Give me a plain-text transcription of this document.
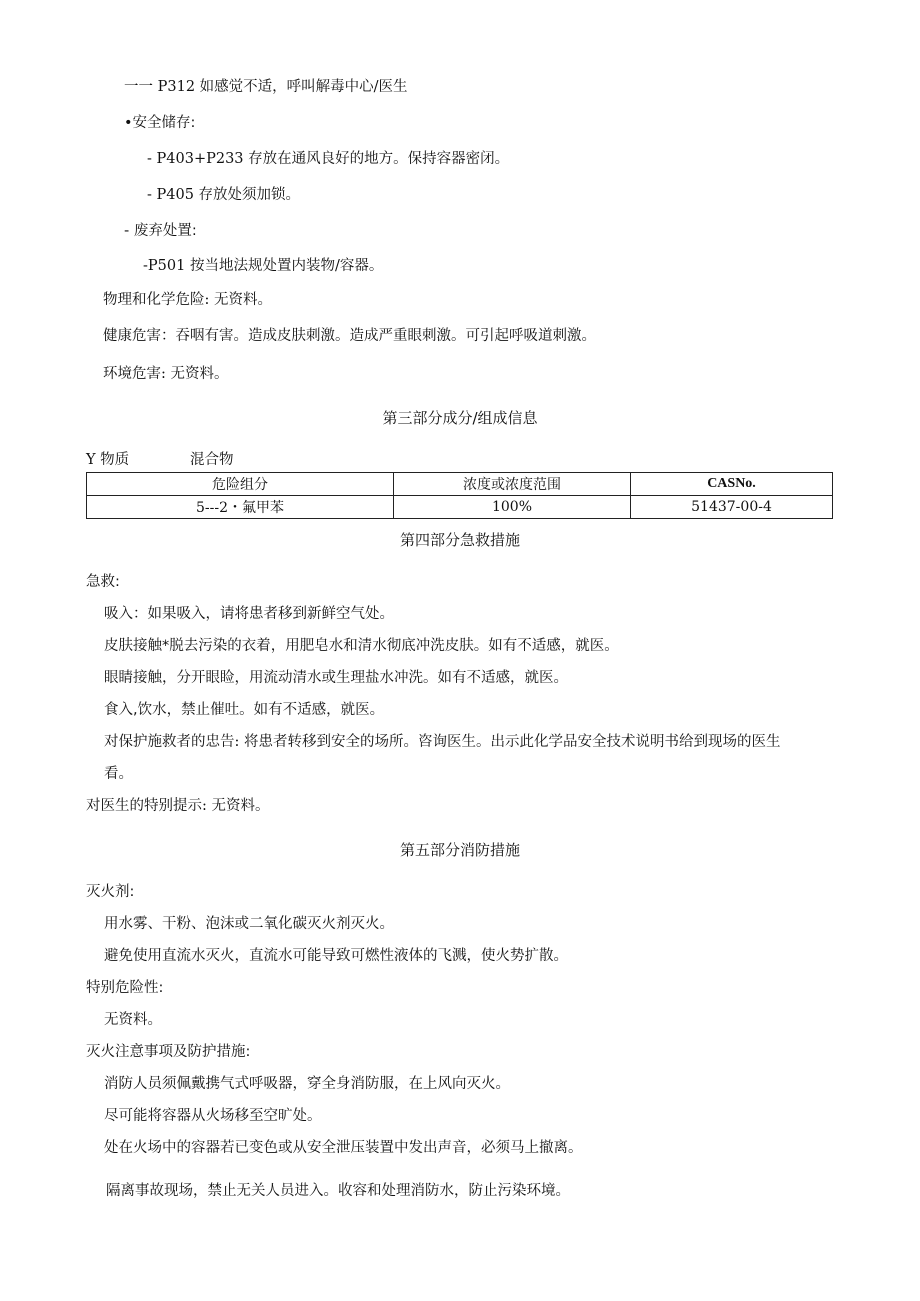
一一 P312 如感觉不适，呼叫解毒中心/医生
•安全储存:
- P403+P233 存放在通风良好的地方。保持容器密闭。
- P405 存放处须加锁。
- 废弃处置:
-P501 按当地法规处置内装物/容器。
物理和化学危险: 无资料。
健康危害：吞咽有害。造成皮肤刺激。造成严重眼刺激。可引起呼吸道刺激。
环境危害: 无资料。
第三部分成分/组成信息
Y 物质	混合物
危险组分	浓度或浓度范围	CASNo.
5---2・氟甲苯	100%	51437-00-4
第四部分急救措施
急救:
吸入：如果吸入，请将患者移到新鲜空气处。
皮肤接触*脱去污染的衣着，用肥皂水和清水彻底冲洗皮肤。如有不适感，就医。
眼睛接触，分开眼睑，用流动清水或生理盐水冲洗。如有不适感，就医。
食入,饮水，禁止催吐。如有不适感，就医。
对保护施救者的忠告: 将患者转移到安全的场所。咨询医生。出示此化学品安全技术说明书给到现场的医生
看。
对医生的特别提示: 无资料。
第五部分消防措施
灭火剂:
用水雾、干粉、泡沫或二氧化碳灭火剂灭火。
避免使用直流水灭火，直流水可能导致可燃性液体的飞溅，使火势扩散。
特别危险性:
无资料。
灭火注意事项及防护措施:
消防人员须佩戴携气式呼吸器，穿全身消防服，在上风向灭火。
尽可能将容器从火场移至空旷处。
处在火场中的容器若已变色或从安全泄压装置中发出声音，必须马上撤离。
隔离事故现场，禁止无关人员进入。收容和处理消防水，防止污染环境。
